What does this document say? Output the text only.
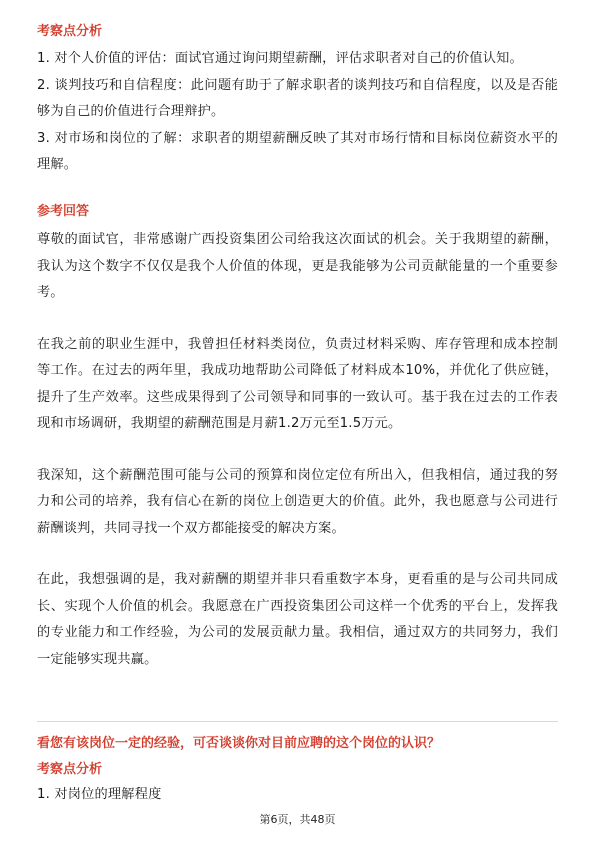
考察点分析

1. 对个人价值的评估：面试官通过询问期望薪酬，评估求职者对自己的价值认知。

2. 谈判技巧和自信程度：此问题有助于了解求职者的谈判技巧和自信程度，以及是否能够为自己的价值进行合理辩护。

3. 对市场和岗位的了解：求职者的期望薪酬反映了其对市场行情和目标岗位薪资水平的理解。

参考回答

尊敬的面试官，非常感谢广西投资集团公司给我这次面试的机会。关于我期望的薪酬，我认为这个数字不仅仅是我个人价值的体现，更是我能够为公司贡献能量的一个重要参考。

在我之前的职业生涯中，我曾担任材料类岗位，负责过材料采购、库存管理和成本控制等工作。在过去的两年里，我成功地帮助公司降低了材料成本10%，并优化了供应链，提升了生产效率。这些成果得到了公司领导和同事的一致认可。基于我在过去的工作表现和市场调研，我期望的薪酬范围是月薪1.2万元至1.5万元。

我深知，这个薪酬范围可能与公司的预算和岗位定位有所出入，但我相信，通过我的努力和公司的培养，我有信心在新的岗位上创造更大的价值。此外，我也愿意与公司进行薪酬谈判，共同寻找一个双方都能接受的解决方案。

在此，我想强调的是，我对薪酬的期望并非只看重数字本身，更看重的是与公司共同成长、实现个人价值的机会。我愿意在广西投资集团公司这样一个优秀的平台上，发挥我的专业能力和工作经验，为公司的发展贡献力量。我相信，通过双方的共同努力，我们一定能够实现共赢。

看您有该岗位一定的经验，可否谈谈你对目前应聘的这个岗位的认识？
考察点分析

1. 对岗位的理解程度

第6页，共48页
